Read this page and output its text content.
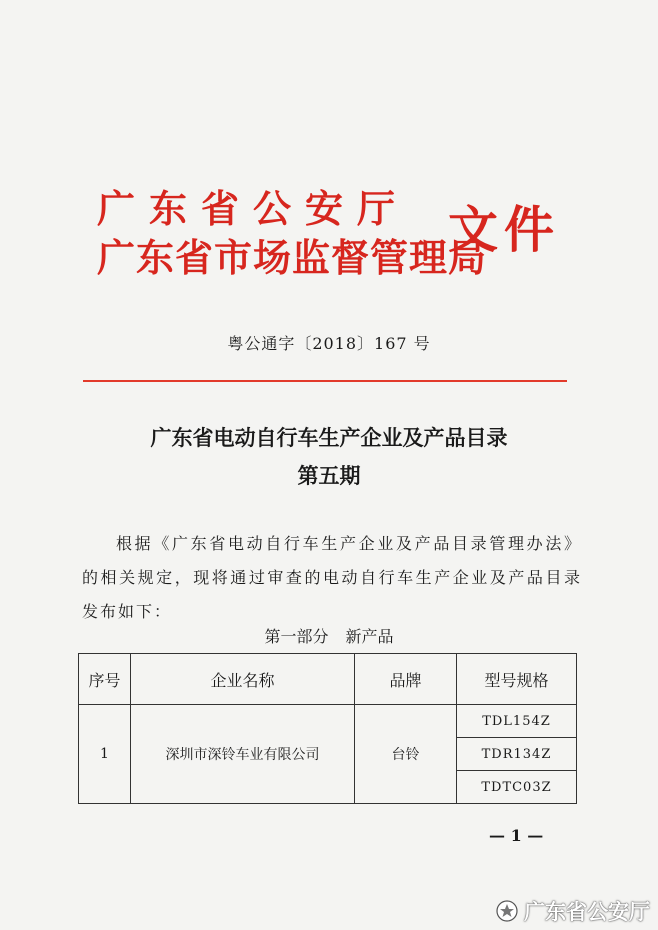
广东省公安厅
广东省市场监督管理局
文件
粤公通字〔2018〕167 号
广东省电动自行车生产企业及产品目录
第五期

根据《广东省电动自行车生产企业及产品目录管理办法》的相关规定，现将通过审查的电动自行车生产企业及产品目录发布如下：

第一部分 新产品
序号	企业名称	品牌	型号规格
1	深圳市深铃车业有限公司	台铃	TDL154Z
			TDR134Z
			TDTC03Z
— 1 —
广东省公安厅
